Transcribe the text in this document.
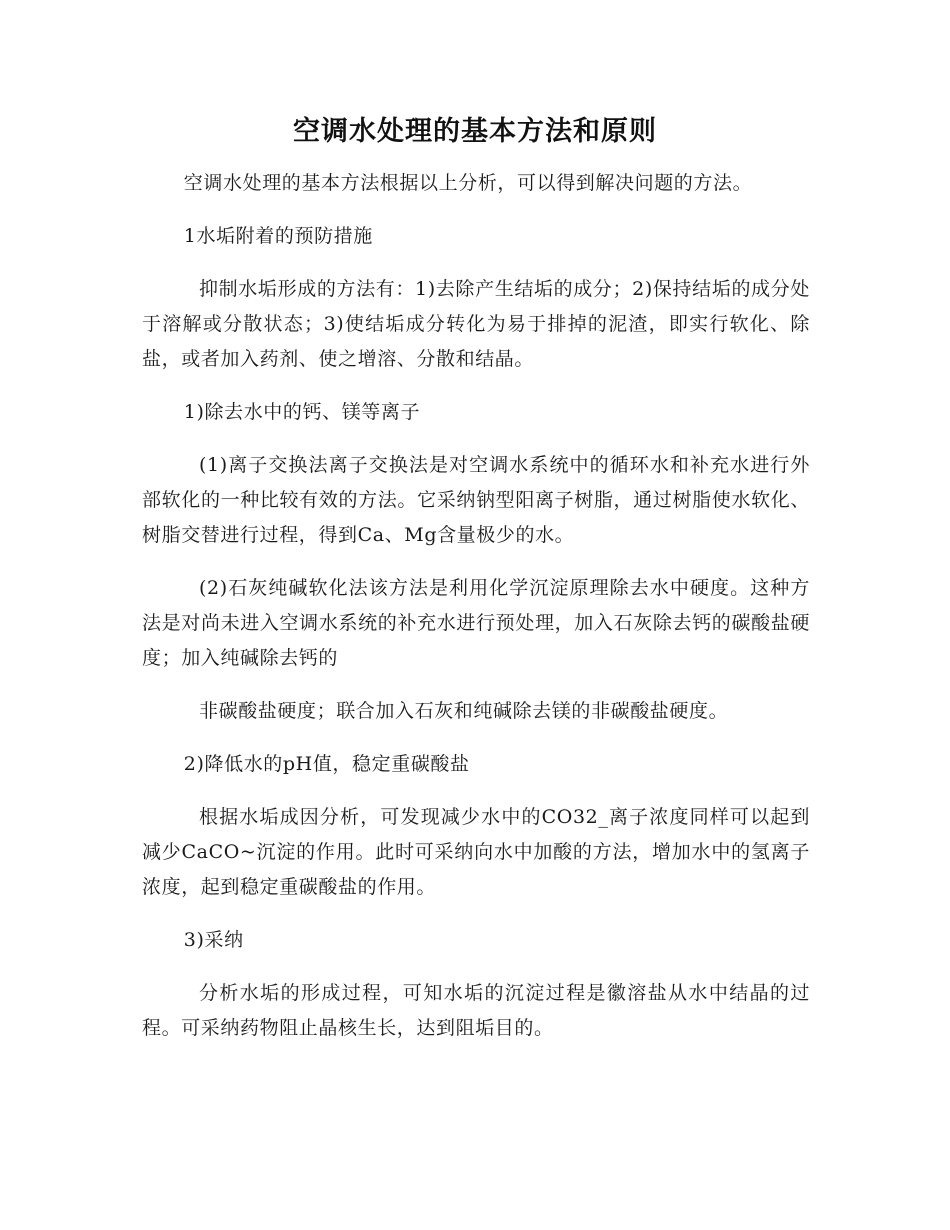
空调水处理的基本方法和原则

空调水处理的基本方法根据以上分析，可以得到解决问题的方法。

1水垢附着的预防措施

抑制水垢形成的方法有：1)去除产生结垢的成分；2)保持结垢的成分处于溶解或分散状态；3)使结垢成分转化为易于排掉的泥渣，即实行软化、除盐，或者加入药剂、使之增溶、分散和结晶。

1)除去水中的钙、镁等离子

(1)离子交换法离子交换法是对空调水系统中的循环水和补充水进行外部软化的一种比较有效的方法。它采纳钠型阳离子树脂，通过树脂使水软化、树脂交替进行过程，得到Ca、Mg含量极少的水。

(2)石灰纯碱软化法该方法是利用化学沉淀原理除去水中硬度。这种方法是对尚未进入空调水系统的补充水进行预处理，加入石灰除去钙的碳酸盐硬度；加入纯碱除去钙的

非碳酸盐硬度；联合加入石灰和纯碱除去镁的非碳酸盐硬度。

2)降低水的pH值，稳定重碳酸盐

根据水垢成因分析，可发现减少水中的CO32_离子浓度同样可以起到减少CaCO~沉淀的作用。此时可采纳向水中加酸的方法，增加水中的氢离子浓度，起到稳定重碳酸盐的作用。

3)采纳

分析水垢的形成过程，可知水垢的沉淀过程是徽溶盐从水中结晶的过程。可采纳药物阻止晶核生长，达到阻垢目的。
